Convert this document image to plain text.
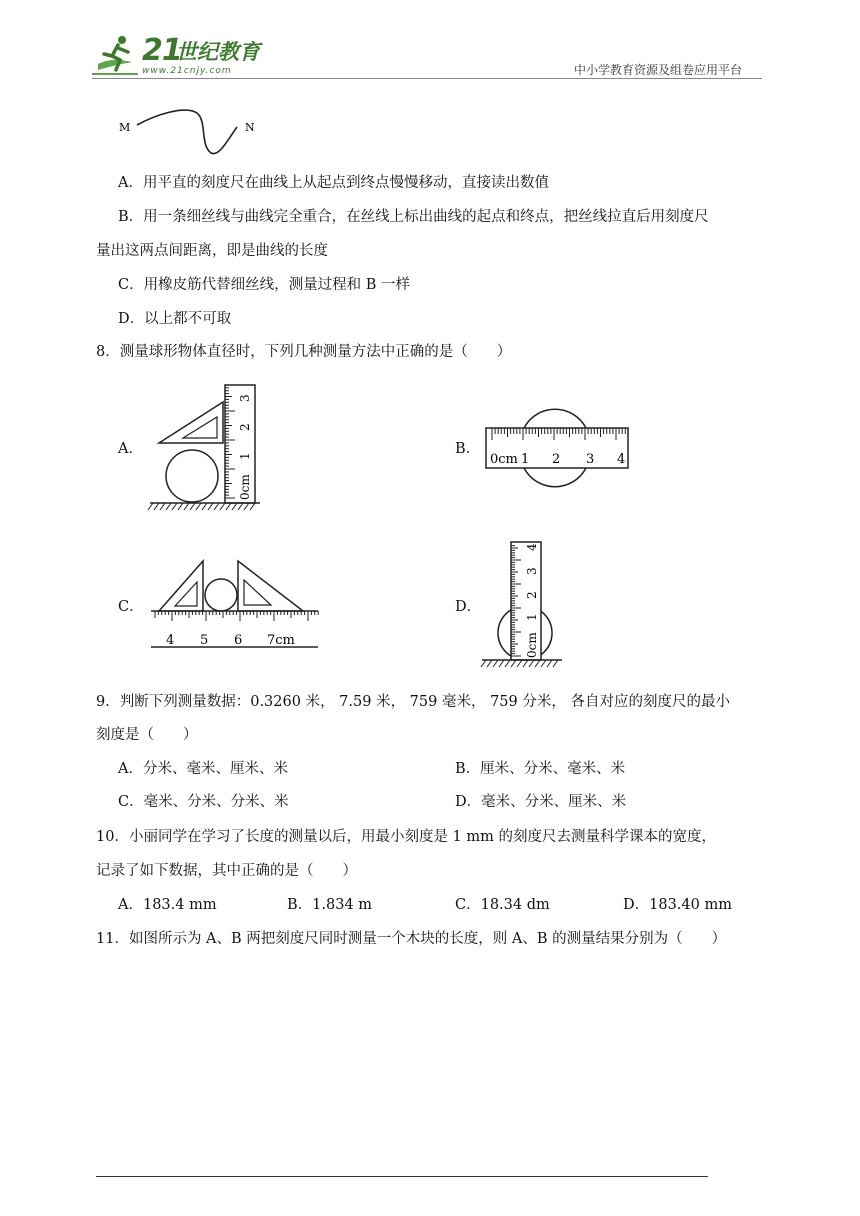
21
世纪教育
www.21cnjy.com	中小学教育资源及组卷应用平台
M	N
A．用平直的刻度尺在曲线上从起点到终点慢慢移动，直接读出数值
B．用一条细丝线与曲线完全重合，在丝线上标出曲线的起点和终点，把丝线拉直后用刻度尺
量出这两点间距离，即是曲线的长度
C．用橡皮筋代替细丝线，测量过程和 B 一样
D．以上都不可取
8．测量球形物体直径时，下列几种测量方法中正确的是（　　）
A．	B．
C．	D．
0cm
1
2
3
0cm 1 2 3 4
4 5 6 7cm	0cm
1
2
3
4
9．判断下列测量数据：0.3260 米， 7.59 米， 759 毫米， 759 分米， 各自对应的刻度尺的最小
刻度是（　　）
A．分米、毫米、厘米、米	B．厘米、分米、毫米、米
C．毫米、分米、分米、米	D．毫米、分米、厘米、米
10．小丽同学在学习了长度的测量以后，用最小刻度是 1 mm 的刻度尺去测量科学课本的宽度，
记录了如下数据，其中正确的是（　　）
A．183.4 mm	B．1.834 m	C．18.34 dm	D．183.40 mm
11．如图所示为 A、B 两把刻度尺同时测量一个木块的长度，则 A、B 的测量结果分别为（　　）
